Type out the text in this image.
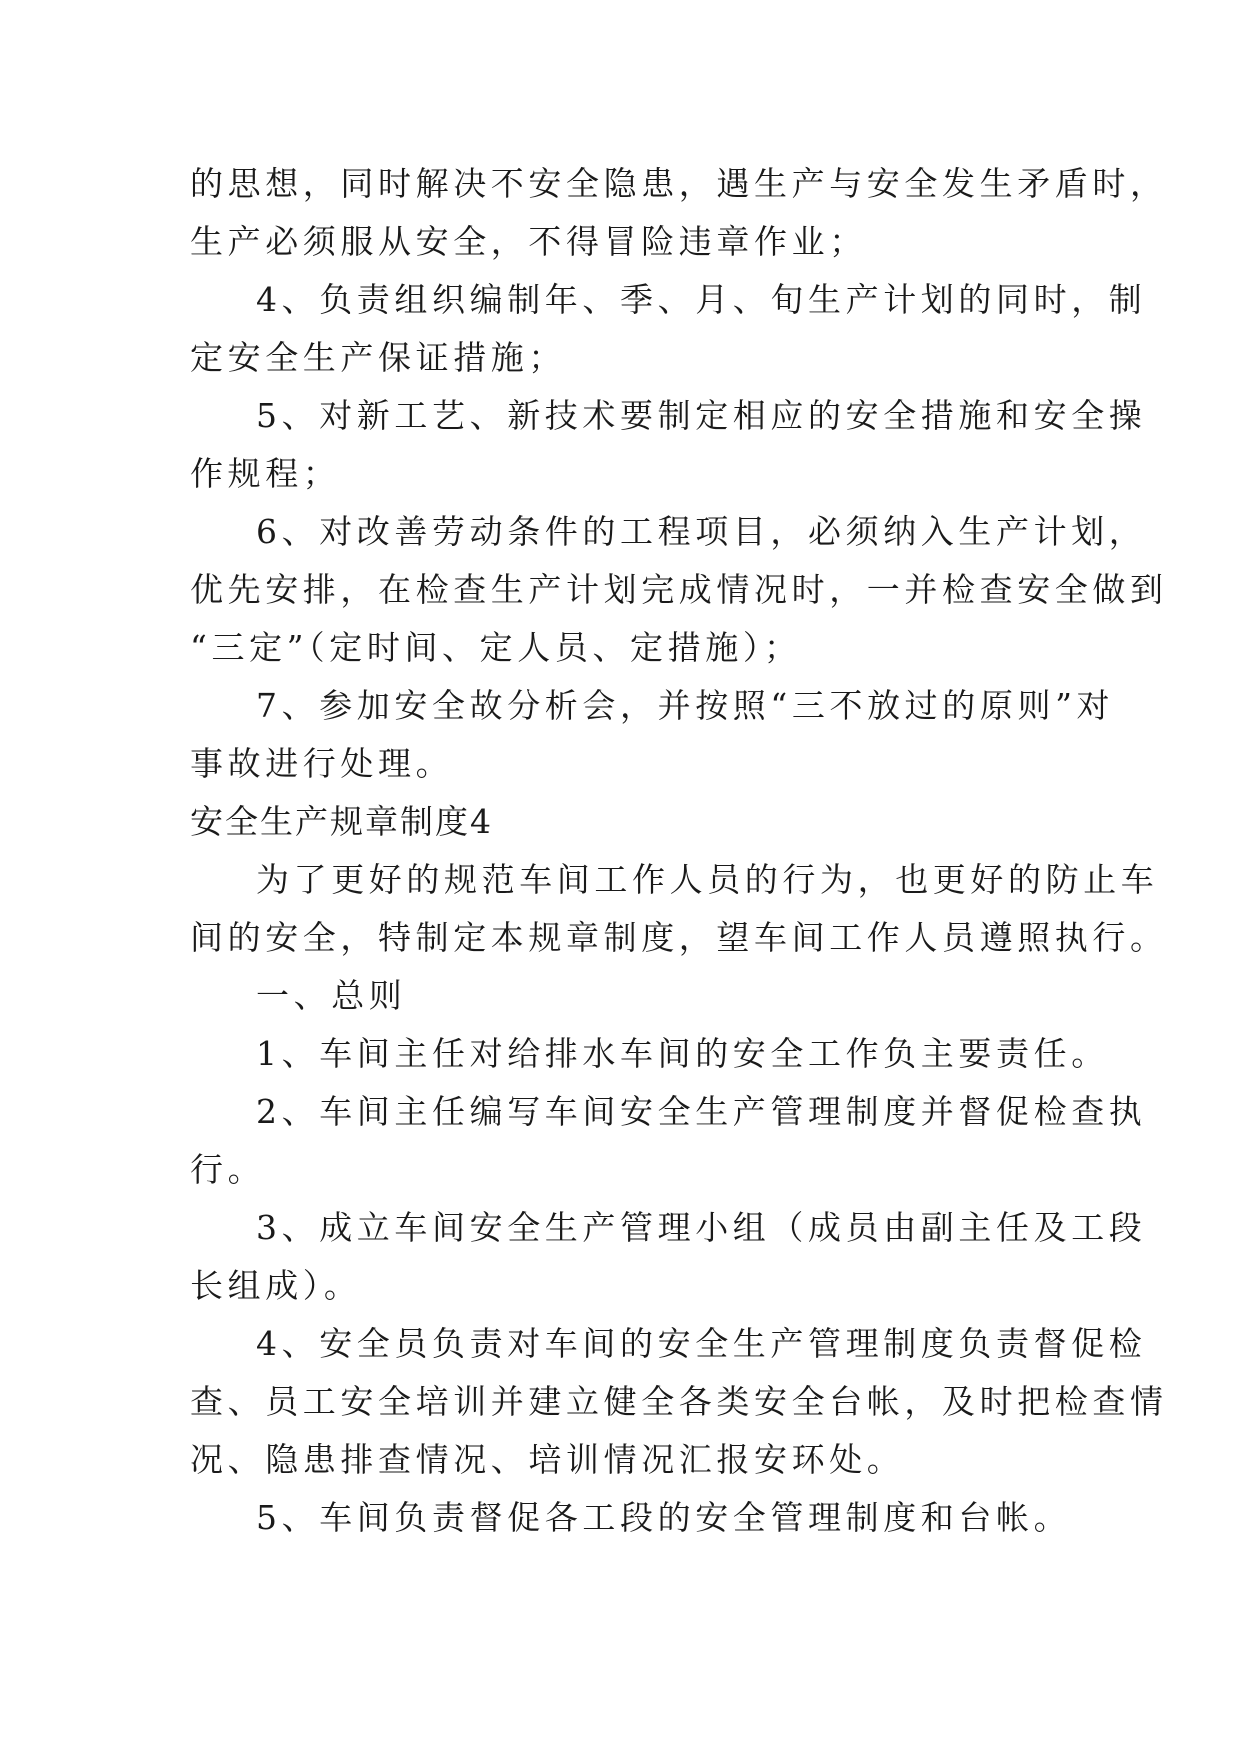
的思想，同时解决不安全隐患，遇生产与安全发生矛盾时，
生产必须服从安全，不得冒险违章作业；
4、负责组织编制年、季、月、旬生产计划的同时，制
定安全生产保证措施；
5、对新工艺、新技术要制定相应的安全措施和安全操
作规程；
6、对改善劳动条件的工程项目，必须纳入生产计划，
优先安排，在检查生产计划完成情况时，一并检查安全做到
“三定”（定时间、定人员、定措施）；
7、参加安全故分析会，并按照“三不放过的原则”对
事故进行处理。
安全生产规章制度4
为了更好的规范车间工作人员的行为，也更好的防止车
间的安全，特制定本规章制度，望车间工作人员遵照执行。
一、总则
1、车间主任对给排水车间的安全工作负主要责任。
2、车间主任编写车间安全生产管理制度并督促检查执
行。
3、成立车间安全生产管理小组（成员由副主任及工段
长组成）。
4、安全员负责对车间的安全生产管理制度负责督促检
查、员工安全培训并建立健全各类安全台帐，及时把检查情
况、隐患排查情况、培训情况汇报安环处。
5、车间负责督促各工段的安全管理制度和台帐。
